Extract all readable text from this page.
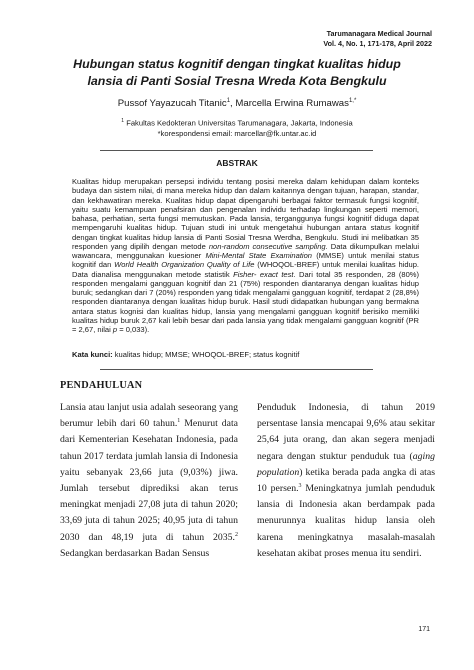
Tarumanagara Medical Journal
Vol. 4, No. 1, 171-178, April 2022
Hubungan status kognitif dengan tingkat kualitas hidup lansia di Panti Sosial Tresna Wreda Kota Bengkulu
Pussof Yayazucah Titanic$^1$, Marcella Erwina Rumawas$^{1,*}$
$^1$ Fakultas Kedokteran Universitas Tarumanagara, Jakarta, Indonesia
*korespondensi email: marcellar@fk.untar.ac.id
ABSTRAK
Kualitas hidup merupakan persepsi individu tentang posisi mereka dalam kehidupan dalam konteks budaya dan sistem nilai, di mana mereka hidup dan dalam kaitannya dengan tujuan, harapan, standar, dan kekhawatiran mereka. Kualitas hidup dapat dipengaruhi berbagai faktor termasuk fungsi kognitif, yaitu suatu kemampuan penafsiran dan pengenalan individu terhadap lingkungan seperti memori, bahasa, perhatian, serta fungsi memutuskan. Pada lansia, terganggunya fungsi kognitif diduga dapat mempengaruhi kualitas hidup. Tujuan studi ini untuk mengetahui hubungan antara status kognitif dengan tingkat kualitas hidup lansia di Panti Sosial Tresna Werdha, Bengkulu. Studi ini melibatkan 35 responden yang dipilih dengan metode non-random consecutive sampling. Data dikumpulkan melalui wawancara, menggunakan kuesioner Mini-Mental State Examination (MMSE) untuk menilai status kognitif dan World Health Organization Quality of Life (WHOQOL-BREF) untuk menilai kualitas hidup. Data dianalisa menggunakan metode statistik Fisher- exact test. Dari total 35 responden, 28 (80%) responden mengalami gangguan kognitif dan 21 (75%) responden diantaranya dengan kualitas hidup buruk; sedangkan dari 7 (20%) responden yang tidak mengalami gangguan kognitif, terdapat 2 (28,8%) responden diantaranya dengan kualitas hidup buruk. Hasil studi didapatkan hubungan yang bermakna antara status kognisi dan kualitas hidup, lansia yang mengalami gangguan kognitif berisiko memiliki kualitas hidup buruk 2,67 kali lebih besar dari pada lansia yang tidak mengalami gangguan kognitif (PR = 2,67, nilai p = 0,033).
Kata kunci: kualitas hidup; MMSE; WHOQOL-BREF; status kognitif
PENDAHULUAN
Lansia atau lanjut usia adalah seseorang yang berumur lebih dari 60 tahun.$^1$ Menurut data dari Kementerian Kesehatan Indonesia, pada tahun 2017 terdata jumlah lansia di Indonesia yaitu sebanyak 23,66 juta (9,03%) jiwa. Jumlah tersebut diprediksi akan terus meningkat menjadi 27,08 juta di tahun 2020; 33,69 juta di tahun 2025; 40,95 juta di tahun 2030 dan 48,19 juta di tahun 2035.$^2$ Sedangkan berdasarkan Badan Sensus
Penduduk Indonesia, di tahun 2019 persentase lansia mencapai 9,6% atau sekitar 25,64 juta orang, dan akan segera menjadi negara dengan stuktur penduduk tua (aging population) ketika berada pada angka di atas 10 persen.$^3$ Meningkatnya jumlah penduduk lansia di Indonesia akan berdampak pada menurunnya kualitas hidup lansia oleh karena meningkatnya masalah-masalah kesehatan akibat proses menua itu sendiri.
171
